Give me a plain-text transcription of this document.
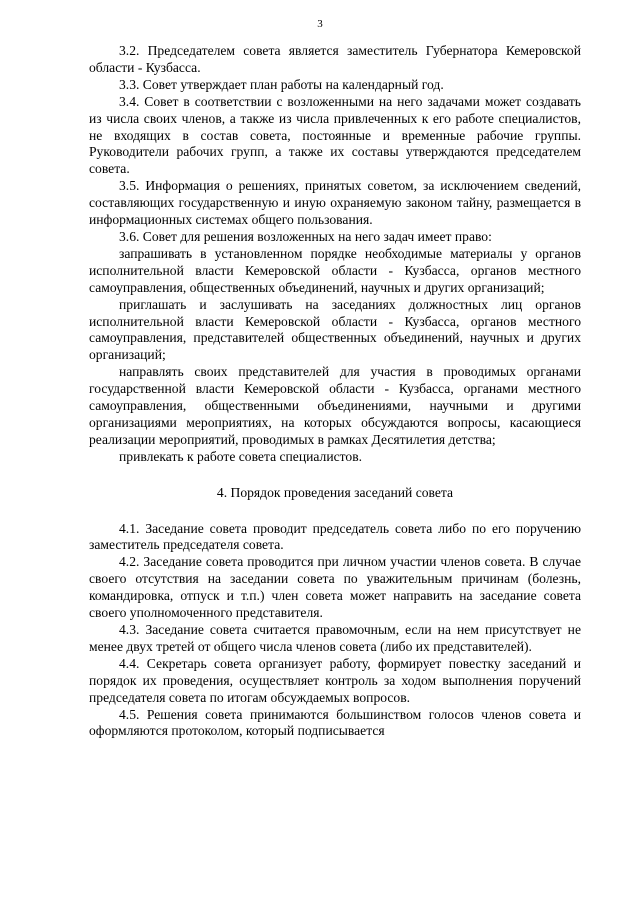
3

3.2. Председателем совета является заместитель Губернатора Кемеровской области - Кузбасса.

3.3. Совет утверждает план работы на календарный год.

3.4. Совет в соответствии с возложенными на него задачами может создавать из числа своих членов, а также из числа привлеченных к его работе специалистов, не входящих в состав совета, постоянные и временные рабочие группы. Руководители рабочих групп, а также их составы утверждаются председателем совета.

3.5. Информация о решениях, принятых советом, за исключением сведений, составляющих государственную и иную охраняемую законом тайну, размещается в информационных системах общего пользования.

3.6. Совет для решения возложенных на него задач имеет право:

запрашивать в установленном порядке необходимые материалы у органов исполнительной власти Кемеровской области - Кузбасса, органов местного самоуправления, общественных объединений, научных и других организаций;

приглашать и заслушивать на заседаниях должностных лиц органов исполнительной власти Кемеровской области - Кузбасса, органов местного самоуправления, представителей общественных объединений, научных и других организаций;

направлять своих представителей для участия в проводимых органами государственной власти Кемеровской области - Кузбасса, органами местного самоуправления, общественными объединениями, научными и другими организациями мероприятиях, на которых обсуждаются вопросы, касающиеся реализации мероприятий, проводимых в рамках Десятилетия детства;

привлекать к работе совета специалистов.

4. Порядок проведения заседаний совета

4.1. Заседание совета проводит председатель совета либо по его поручению заместитель председателя совета.

4.2. Заседание совета проводится при личном участии членов совета. В случае своего отсутствия на заседании совета по уважительным причинам (болезнь, командировка, отпуск и т.п.) член совета может направить на заседание совета своего уполномоченного представителя.

4.3. Заседание совета считается правомочным, если на нем присутствует не менее двух третей от общего числа членов совета (либо их представителей).

4.4. Секретарь совета организует работу, формирует повестку заседаний и порядок их проведения, осуществляет контроль за ходом выполнения поручений председателя совета по итогам обсуждаемых вопросов.

4.5. Решения совета принимаются большинством голосов членов совета и оформляются протоколом, который подписывается
